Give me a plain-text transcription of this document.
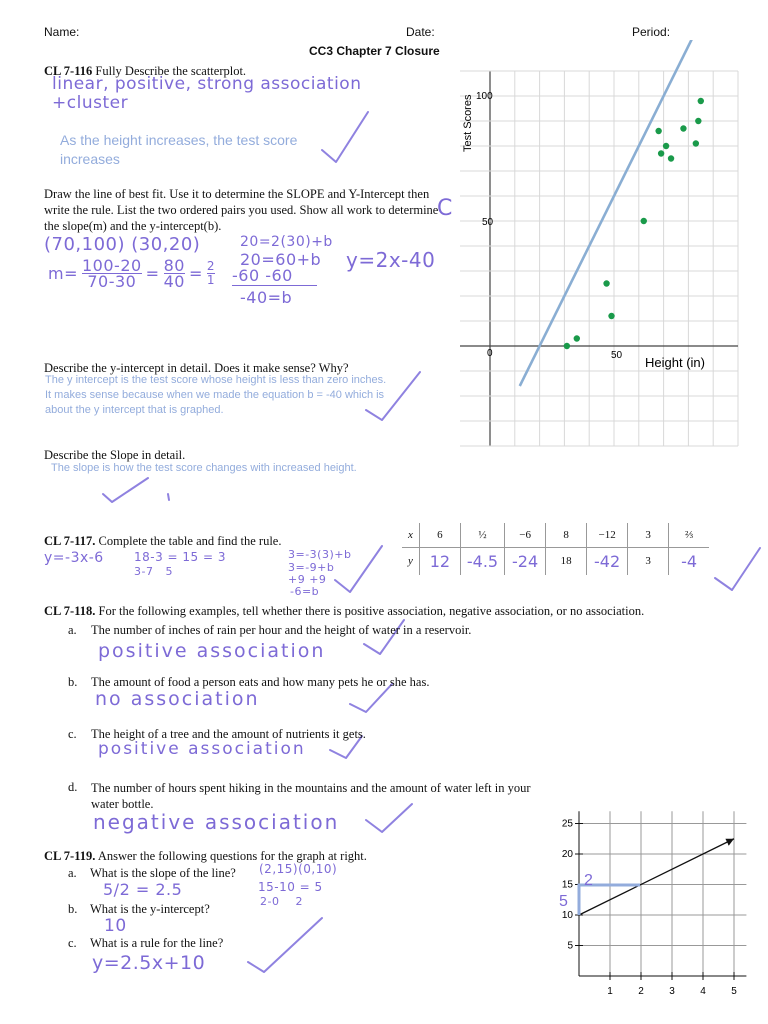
Name:	Date:	Period:
CC3 Chapter 7 Closure
CL 7-116 Fully Describe the scatterplot.
linear, positive, strong association
+cluster
As the height increases, the test score increases
Draw the line of best fit. Use it to determine the SLOPE and Y-Intercept then write the rule. List the two ordered pairs you used. Show all work to determine the slope(m) and the y-intercept(b).
C
(70,100) (30,20)	20=2(30)+b
$m= \frac{100-20}{70-30} = \frac{80}{40} = \frac{2}{1}$
20=60+b
-60 -60
-40=b
y=2x-40
Describe the y-intercept in detail. Does it make sense? Why?
The y intercept is the test score whose height is less than zero inches. It makes sense because when we made the equation b = -40 which is about the y intercept that is graphed.
Describe the Slope in detail.
The slope is how the test score changes with increased height.
100
50
0	50 Height (in)
Test Scores
CL 7-117. Complete the table and find the rule.
y=-3x-6	18-3 = 15 = 3
3-7   5
3=-3(3)+b
3=-9+b
+9 +9
-6=b
x	6	½	−6	8	−12	3	⅔
y	12	-4.5	-24	18	-42	3	-4
CL 7-118. For the following examples, tell whether there is positive association, negative association, or no association.
a. The number of inches of rain per hour and the height of water in a reservoir.
positive association
b. The amount of food a person eats and how many pets he or she has.
no association
c. The height of a tree and the amount of nutrients it gets.
positive association
d. The number of hours spent hiking in the mountains and the amount of water left in your water bottle.
negative association
CL 7-119. Answer the following questions for the graph at right.
a. What is the slope of the line? (2,15)(0,10)
15-10 = 5
2-0    2
5/2 = 2.5
b. What is the y-intercept?
10
c. What is a rule for the line?
y=2.5x+10
5
10
15
20
25
1	2	3	4	5
5
2
